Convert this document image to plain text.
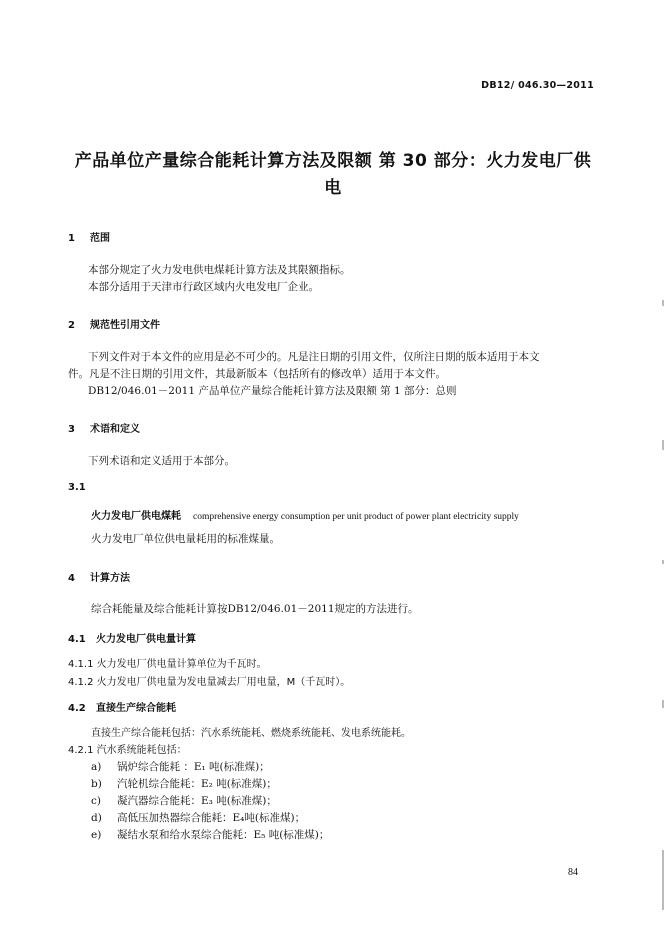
DB12/ 046.30—2011
产品单位产量综合能耗计算方法及限额 第 30 部分：火力发电厂供
电
1 范围
本部分规定了火力发电供电煤耗计算方法及其限额指标。
本部分适用于天津市行政区域内火电发电厂企业。
2 规范性引用文件
下列文件对于本文件的应用是必不可少的。凡是注日期的引用文件，仅所注日期的版本适用于本文
件。凡是不注日期的引用文件，其最新版本（包括所有的修改单）适用于本文件。
DB12/046.01－2011 产品单位产量综合能耗计算方法及限额 第 1 部分：总则
3 术语和定义
下列术语和定义适用于本部分。
3.1
火力发电厂供电煤耗 comprehensive energy consumption per unit product of power plant electricity supply
火力发电厂单位供电量耗用的标准煤量。
4 计算方法
综合耗能量及综合能耗计算按DB12/046.01－2011规定的方法进行。
4.1 火力发电厂供电量计算
4.1.1 火力发电厂供电量计算单位为千瓦时。
4.1.2 火力发电厂供电量为发电量减去厂用电量，M（千瓦时）。
4.2 直接生产综合能耗
直接生产综合能耗包括：汽水系统能耗、燃烧系统能耗、发电系统能耗。
4.2.1 汽水系统能耗包括：
a) 锅炉综合能耗 ：E₁ 吨(标准煤)；
b) 汽轮机综合能耗：E₂ 吨(标准煤)；
c) 凝汽器综合能耗：E₃ 吨(标准煤)；
d) 高低压加热器综合能耗：E₄吨(标准煤)；
e) 凝结水泵和给水泵综合能耗：E₅ 吨(标准煤)；
84
